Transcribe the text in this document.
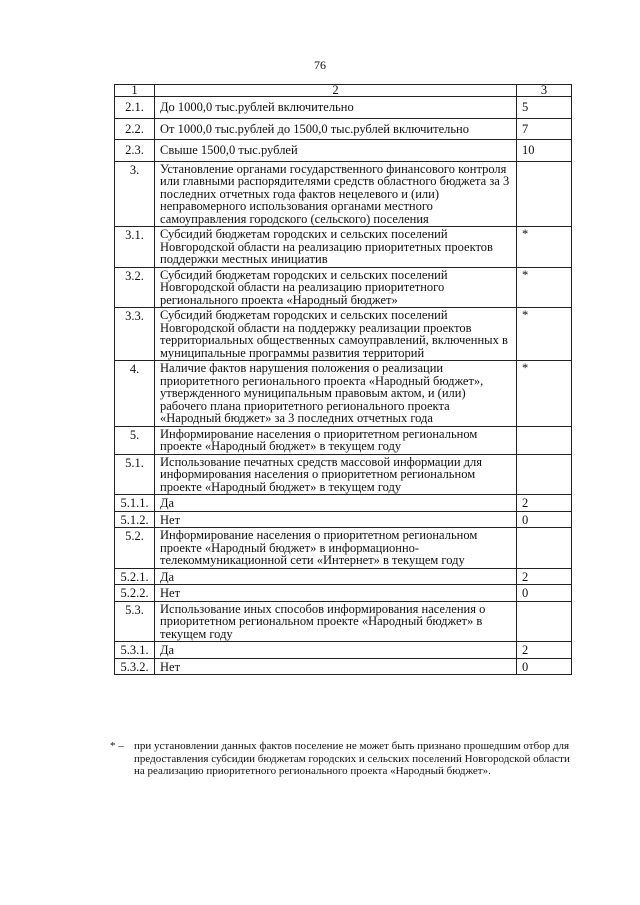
76
1	2	3
2.1.	До 1000,0 тыс.рублей включительно	5
2.2.	От 1000,0 тыс.рублей до 1500,0 тыс.рублей включительно	7
2.3.	Свыше 1500,0 тыс.рублей	10
3.	Установление органами государственного финансового контроля или главными распорядителями средств областного бюджета за 3 последних отчетных года фактов нецелевого и (или) неправомерного использования органами местного самоуправления городского (сельского) поселения	
3.1.	Субсидий бюджетам городских и сельских поселений Новгородской области на реализацию приоритетных проектов поддержки местных инициатив	*
3.2.	Субсидий бюджетам городских и сельских поселений Новгородской области на реализацию приоритетного регионального проекта «Народный бюджет»	*
3.3.	Субсидий бюджетам городских и сельских поселений Новгородской области на поддержку реализации проектов территориальных общественных самоуправлений, включенных в муниципальные программы развития территорий	*
4.	Наличие фактов нарушения положения о реализации приоритетного регионального проекта «Народный бюджет», утвержденного муниципальным правовым актом, и (или) рабочего плана приоритетного регионального проекта «Народный бюджет» за 3 последних отчетных года	*
5.	Информирование населения о приоритетном региональном проекте «Народный бюджет» в текущем году	
5.1.	Использование печатных средств массовой информации для информирования населения о приоритетном региональном проекте «Народный бюджет» в текущем году	
5.1.1.	Да	2
5.1.2.	Нет	0
5.2.	Информирование населения о приоритетном региональном проекте «Народный бюджет» в информационно-телекоммуникационной сети «Интернет» в текущем году	
5.2.1.	Да	2
5.2.2.	Нет	0
5.3.	Использование иных способов информирования населения о приоритетном региональном проекте «Народный бюджет» в текущем году	
5.3.1.	Да	2
5.3.2.	Нет	0
* – при установлении данных фактов поселение не может быть признано прошедшим отбор для предоставления субсидии бюджетам городских и сельских поселений Новгородской области на реализацию приоритетного регионального проекта «Народный бюджет».
